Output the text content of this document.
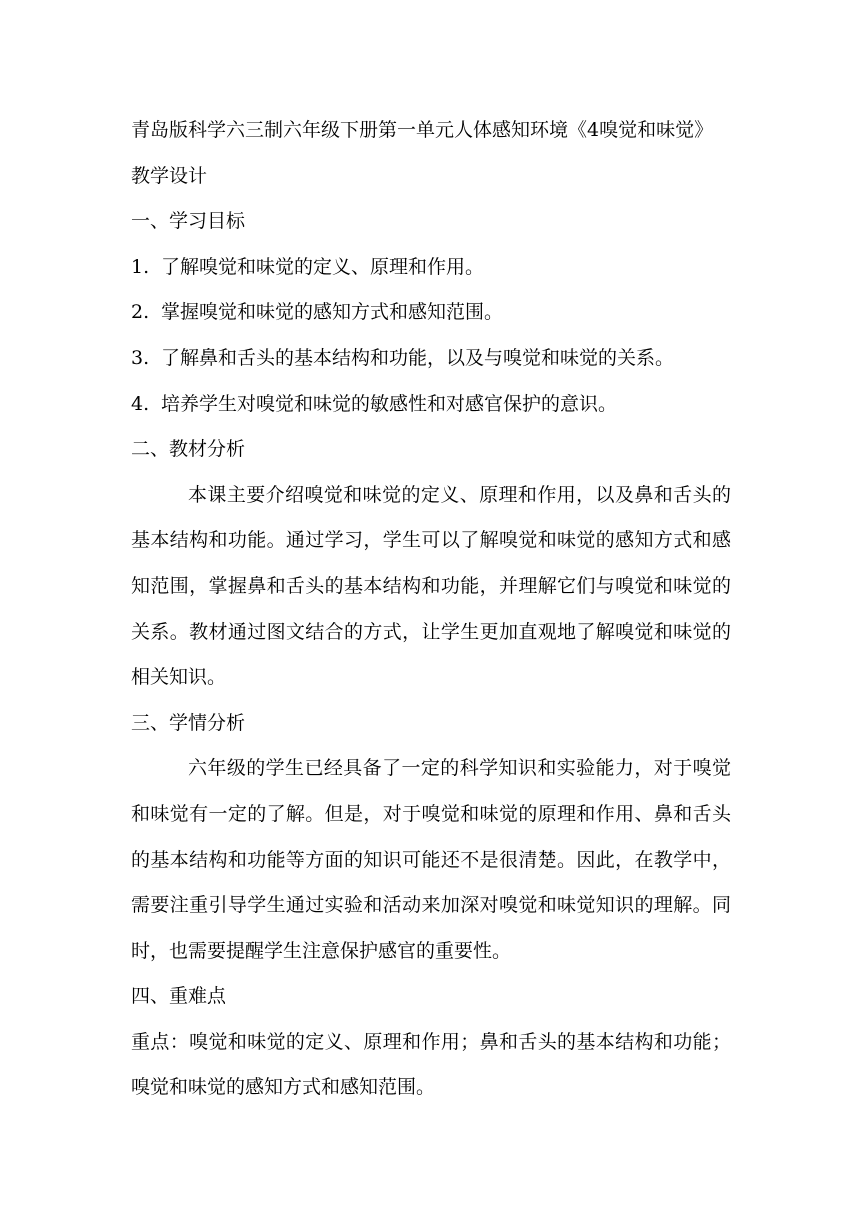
青岛版科学六三制六年级下册第一单元人体感知环境《4嗅觉和味觉》教学设计

一、学习目标

1. 了解嗅觉和味觉的定义、原理和作用。

2. 掌握嗅觉和味觉的感知方式和感知范围。

3. 了解鼻和舌头的基本结构和功能，以及与嗅觉和味觉的关系。

4. 培养学生对嗅觉和味觉的敏感性和对感官保护的意识。

二、教材分析

本课主要介绍嗅觉和味觉的定义、原理和作用，以及鼻和舌头的基本结构和功能。通过学习，学生可以了解嗅觉和味觉的感知方式和感知范围，掌握鼻和舌头的基本结构和功能，并理解它们与嗅觉和味觉的关系。教材通过图文结合的方式，让学生更加直观地了解嗅觉和味觉的相关知识。

三、学情分析

六年级的学生已经具备了一定的科学知识和实验能力，对于嗅觉和味觉有一定的了解。但是，对于嗅觉和味觉的原理和作用、鼻和舌头的基本结构和功能等方面的知识可能还不是很清楚。因此，在教学中，需要注重引导学生通过实验和活动来加深对嗅觉和味觉知识的理解。同时，也需要提醒学生注意保护感官的重要性。

四、重难点

重点：嗅觉和味觉的定义、原理和作用；鼻和舌头的基本结构和功能；嗅觉和味觉的感知方式和感知范围。
